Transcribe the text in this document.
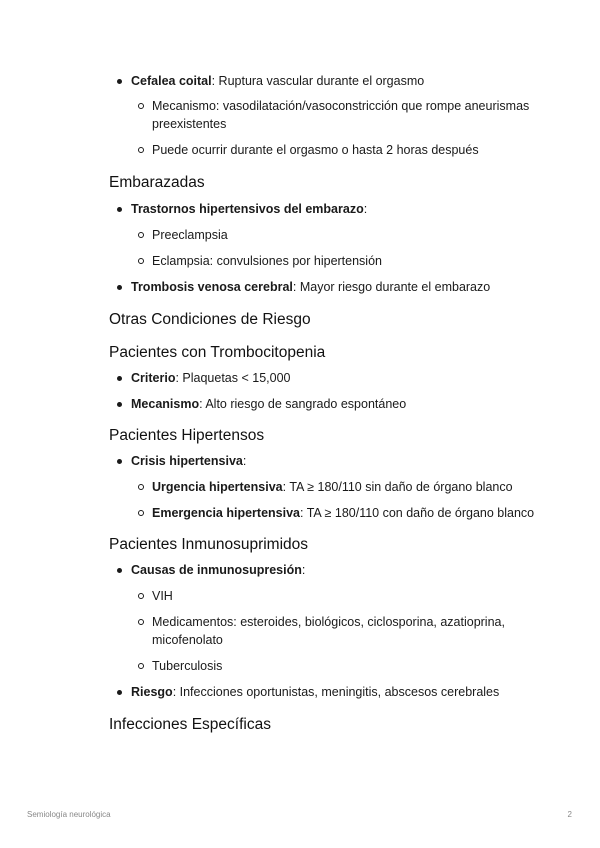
Cefalea coital: Ruptura vascular durante el orgasmo
Mecanismo: vasodilatación/vasoconstricción que rompe aneurismas preexistentes
Puede ocurrir durante el orgasmo o hasta 2 horas después
Embarazadas
Trastornos hipertensivos del embarazo:
Preeclampsia
Eclampsia: convulsiones por hipertensión
Trombosis venosa cerebral: Mayor riesgo durante el embarazo
Otras Condiciones de Riesgo
Pacientes con Trombocitopenia
Criterio: Plaquetas < 15,000
Mecanismo: Alto riesgo de sangrado espontáneo
Pacientes Hipertensos
Crisis hipertensiva:
Urgencia hipertensiva: TA ≥ 180/110 sin daño de órgano blanco
Emergencia hipertensiva: TA ≥ 180/110 con daño de órgano blanco
Pacientes Inmunosuprimidos
Causas de inmunosupresión:
VIH
Medicamentos: esteroides, biológicos, ciclosporina, azatioprina, micofenolato
Tuberculosis
Riesgo: Infecciones oportunistas, meningitis, abscesos cerebrales
Infecciones Específicas
Semiología neurológica	2
